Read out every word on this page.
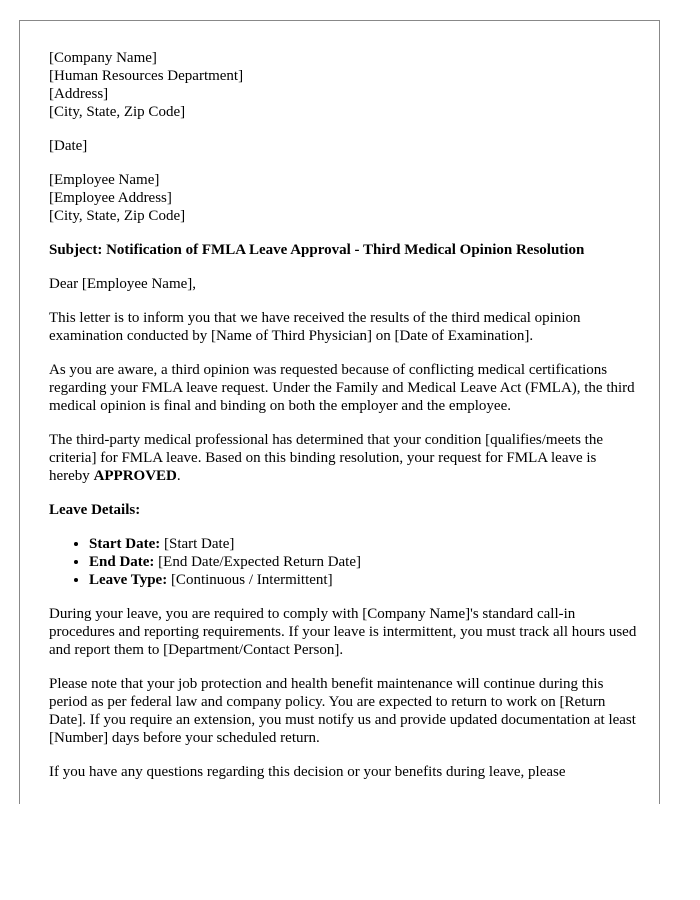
[Company Name]
[Human Resources Department]
[Address]
[City, State, Zip Code]
[Date]
[Employee Name]
[Employee Address]
[City, State, Zip Code]
Subject: Notification of FMLA Leave Approval - Third Medical Opinion Resolution

Dear [Employee Name],

This letter is to inform you that we have received the results of the third medical opinion examination conducted by [Name of Third Physician] on [Date of Examination].

As you are aware, a third opinion was requested because of conflicting medical certifications regarding your FMLA leave request. Under the Family and Medical Leave Act (FMLA), the third medical opinion is final and binding on both the employer and the employee.

The third-party medical professional has determined that your condition [qualifies/meets the criteria] for FMLA leave. Based on this binding resolution, your request for FMLA leave is hereby APPROVED.

Leave Details:
• Start Date: [Start Date]
• End Date: [End Date/Expected Return Date]
• Leave Type: [Continuous / Intermittent]

During your leave, you are required to comply with [Company Name]'s standard call-in procedures and reporting requirements. If your leave is intermittent, you must track all hours used and report them to [Department/Contact Person].

Please note that your job protection and health benefit maintenance will continue during this period as per federal law and company policy. You are expected to return to work on [Return Date]. If you require an extension, you must notify us and provide updated documentation at least [Number] days before your scheduled return.

If you have any questions regarding this decision or your benefits during leave, please
